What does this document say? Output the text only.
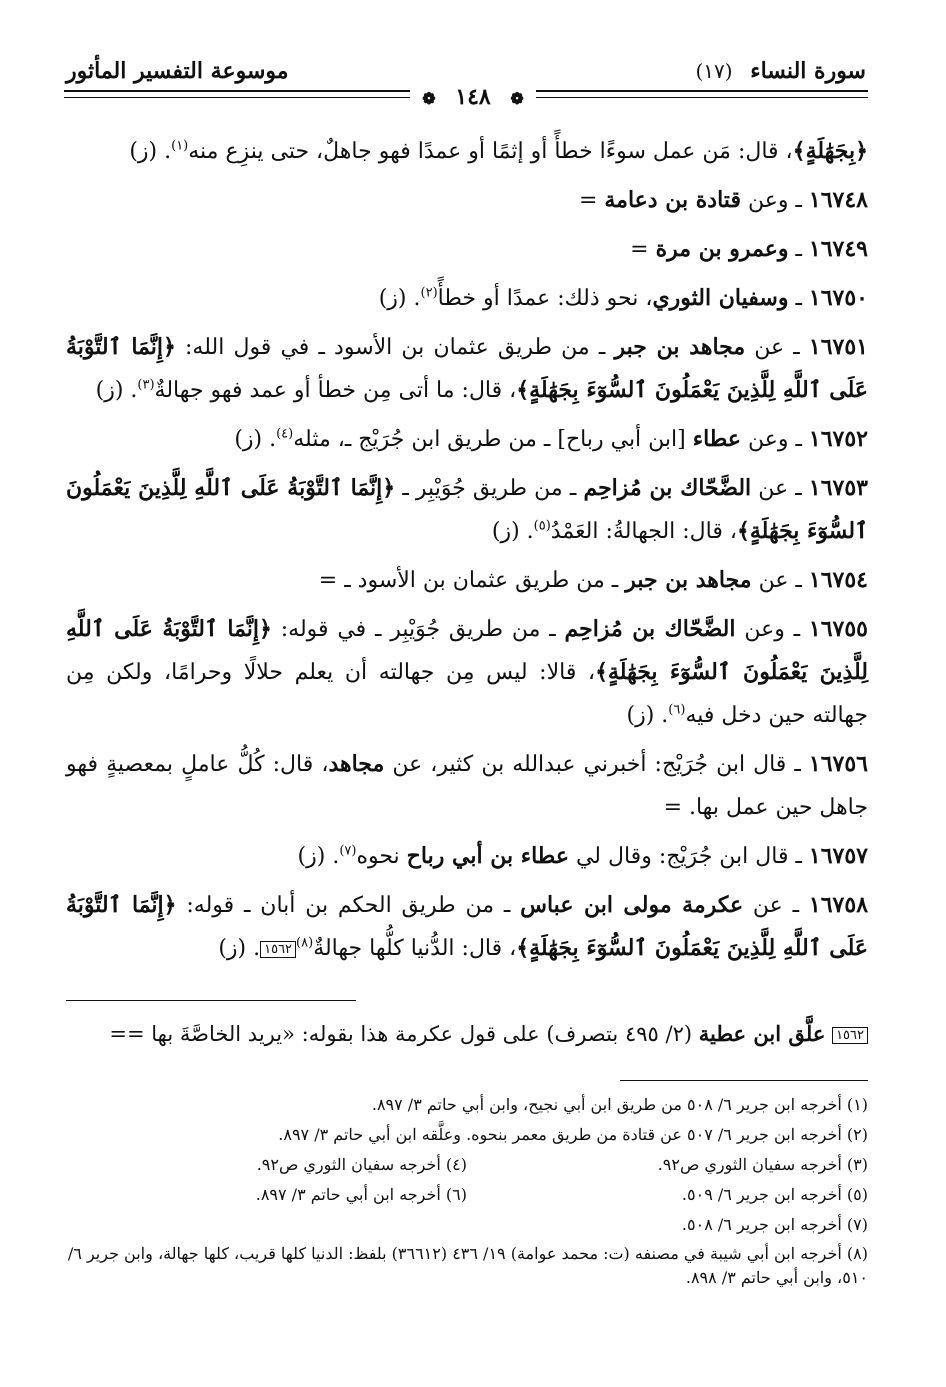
سورة النساء (١٧)
موسوعة التفسير المأثور
❁ ١٤٨ ❁

﴿بِجَهَٰلَةٍ﴾، قال: مَن عمل سوءًا خطأً أو إثمًا أو عمدًا فهو جاهلٌ، حتى ينزِع منه$^{(١)}$. (ز)

١٦٧٤٨ ـ وعن قتادة بن دعامة =

١٦٧٤٩ ـ وعمرو بن مرة =

١٦٧٥٠ ـ وسفيان الثوري، نحو ذلك: عمدًا أو خطأً$^{(٢)}$. (ز)

١٦٧٥١ ـ عن مجاهد بن جبر ـ من طريق عثمان بن الأسود ـ في قول الله: ﴿إِنَّمَا ٱلتَّوْبَةُ عَلَى ٱللَّهِ لِلَّذِينَ يَعْمَلُونَ ٱلسُّوٓءَ بِجَهَٰلَةٍ﴾، قال: ما أتى مِن خطأ أو عمد فهو جهالةٌ$^{(٣)}$. (ز)

١٦٧٥٢ ـ وعن عطاء [ابن أبي رباح] ـ من طريق ابن جُرَيْج ـ، مثله$^{(٤)}$. (ز)

١٦٧٥٣ ـ عن الضَّحّاك بن مُزاحِم ـ من طريق جُوَيْبِر ـ ﴿إِنَّمَا ٱلتَّوْبَةُ عَلَى ٱللَّهِ لِلَّذِينَ يَعْمَلُونَ ٱلسُّوٓءَ بِجَهَٰلَةٍ﴾، قال: الجهالةُ: العَمْدُ$^{(٥)}$. (ز)

١٦٧٥٤ ـ عن مجاهد بن جبر ـ من طريق عثمان بن الأسود ـ =

١٦٧٥٥ ـ وعن الضَّحّاك بن مُزاحِم ـ من طريق جُوَيْبِر ـ في قوله: ﴿إِنَّمَا ٱلتَّوْبَةُ عَلَى ٱللَّهِ لِلَّذِينَ يَعْمَلُونَ ٱلسُّوٓءَ بِجَهَٰلَةٍ﴾، قالا: ليس مِن جهالته أن يعلم حلالًا وحرامًا، ولكن مِن جهالته حين دخل فيه$^{(٦)}$. (ز)

١٦٧٥٦ ـ قال ابن جُرَيْج: أخبرني عبدالله بن كثير، عن مجاهد، قال: كُلُّ عاملٍ بمعصيةٍ فهو جاهل حين عمل بها. =

١٦٧٥٧ ـ قال ابن جُرَيْج: وقال لي عطاء بن أبي رباح نحوه$^{(٧)}$. (ز)

١٦٧٥٨ ـ عن عكرمة مولى ابن عباس ـ من طريق الحكم بن أبان ـ قوله: ﴿إِنَّمَا ٱلتَّوْبَةُ عَلَى ٱللَّهِ لِلَّذِينَ يَعْمَلُونَ ٱلسُّوٓءَ بِجَهَٰلَةٍ﴾، قال: الدُّنيا كلُّها جهالةٌ$^{(٨)}$١٥٦٢. (ز)

١٥٦٢ علَّق ابن عطية (٢/ ٤٩٥ بتصرف) على قول عكرمة هذا بقوله: «يريد الخاصَّةَ بها ==
(١) أخرجه ابن جرير ٦/ ٥٠٨ من طريق ابن أبي نجيح، وابن أبي حاتم ٣/ ٨٩٧.
(٢) أخرجه ابن جرير ٦/ ٥٠٧ عن قتادة من طريق معمر بنحوه. وعلَّقه ابن أبي حاتم ٣/ ٨٩٧.
(٣) أخرجه سفيان الثوري ص٩٢.
(٤) أخرجه سفيان الثوري ص٩٢.
(٥) أخرجه ابن جرير ٦/ ٥٠٩.
(٦) أخرجه ابن أبي حاتم ٣/ ٨٩٧.
(٧) أخرجه ابن جرير ٦/ ٥٠٨.
(٨) أخرجه ابن أبي شيبة في مصنفه (ت: محمد عوامة) ١٩/ ٤٣٦ (٣٦٦١٢) بلفظ: الدنيا كلها قريب، كلها جهالة، وابن جرير ٦/ ٥١٠، وابن أبي حاتم ٣/ ٨٩٨.
